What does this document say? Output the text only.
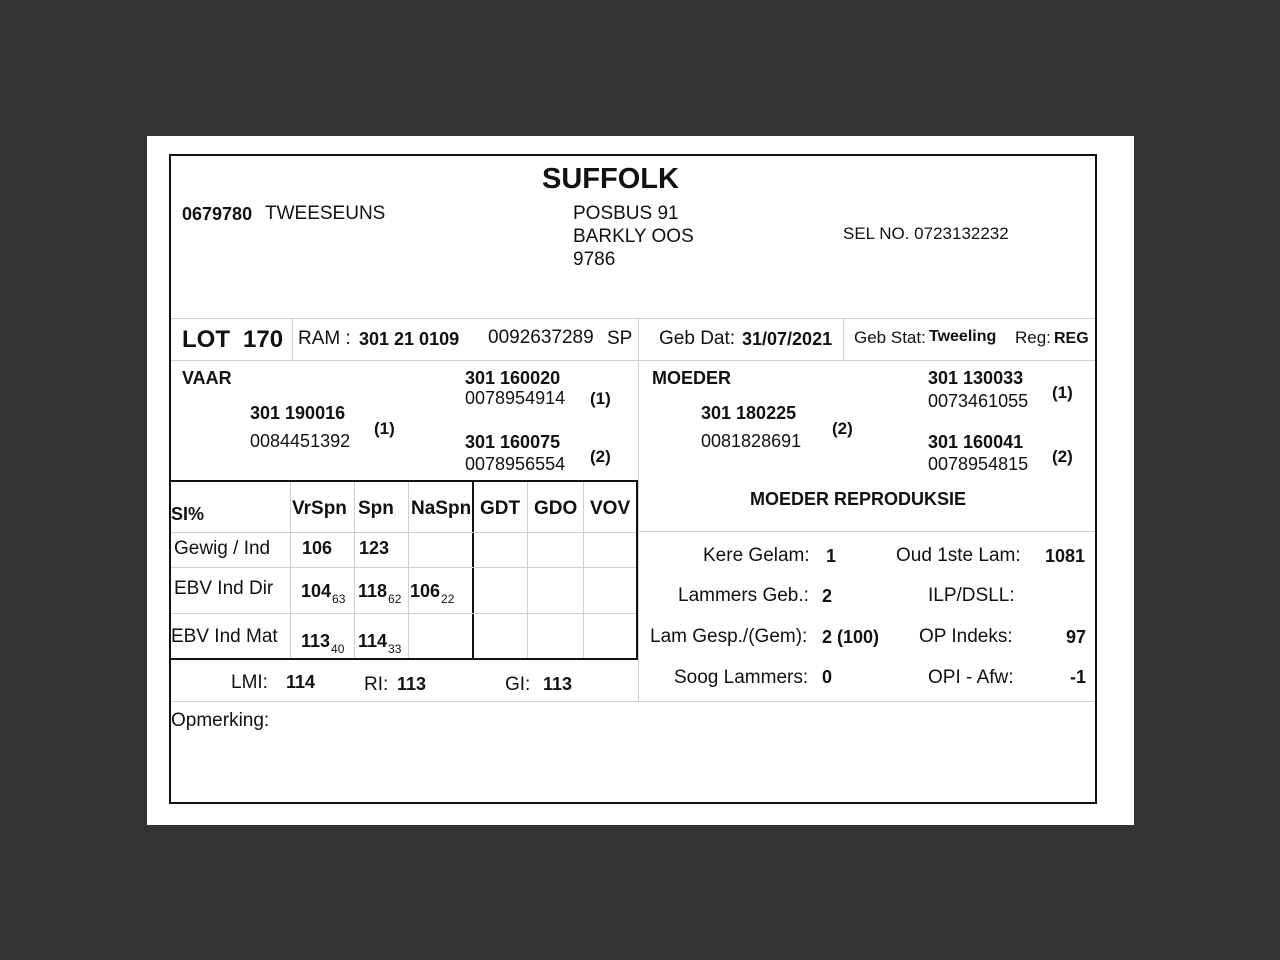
SUFFOLK
0679780 TWEESEUNS	POSBUS 91
BARKLY OOS
9786
SEL NO. 0723132232
LOT 170 RAM : 301 21 0109 0092637289 SP Geb Dat: 31/07/2021 Geb Stat: Tweeling Reg: REG
VAAR
301 190016
0084451392
(1)
301 160020
0078954914 (1)
301 160075
0078956554 (2)
MOEDER
301 180225
0081828691
(2)
301 130033
0073461055 (1)
301 160041
0078954815 (2)
SI%	VrSpn Spn NaSpn GDT GDO VOV
Gewig / Ind 106 123
EBV Ind Dir $104_{63}$ $118_{62}$ $106_{22}$
EBV Ind Mat $113_{40}$ $114_{33}$
LMI: 114	RI: 113	GI: 113
MOEDER REPRODUKSIE
Kere Gelam: 1	Oud 1ste Lam: 1081
Lammers Geb.: 2	ILP/DSLL:
Lam Gesp./(Gem): 2 (100) OP Indeks:	97
Soog Lammers: 0	OPI - Afw:	-1
Opmerking:
